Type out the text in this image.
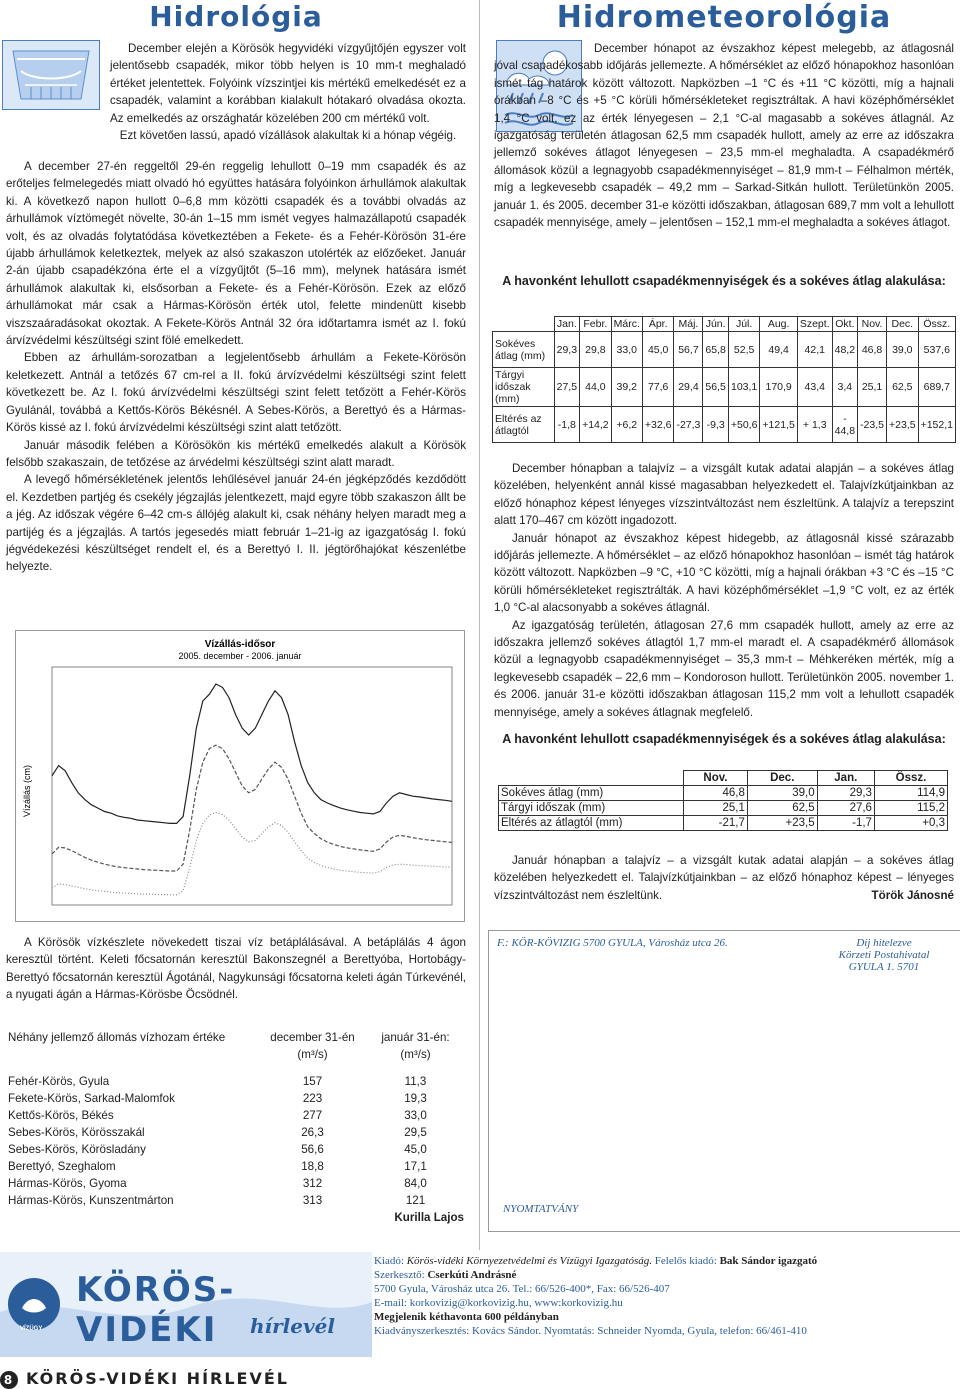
Hidrológia

December elején a Körösök hegyvidéki vízgyűjtőjén egyszer volt jelentősebb csapadék, mikor több helyen is 10 mm-t meghaladó értéket jelentettek. Folyóink vízszintjei kis mértékű emelkedését ez a csapadék, valamint a korábban kialakult hótakaró olvadása okozta. Az emelkedés az országhatár közelében 200 cm mértékű volt.

Ezt követően lassú, apadó vízállások alakultak ki a hónap végéig.

A december 27-én reggeltől 29-én reggelig lehullott 0–19 mm csapadék és az erőteljes felmelegedés miatt olvadó hó együttes hatására folyóinkon árhullámok alakultak ki. A következő napon hullott 0–6,8 mm közötti csapadék és a további olvadás az árhullámok víztömegét növelte, 30-án 1–15 mm ismét vegyes halmazállapotú csapadék volt, és az olvadás folytatódása következtében a Fekete- és a Fehér-Körösön 31-ére újabb árhullámok keletkeztek, melyek az alsó szakaszon utolérték az előzőeket. Január 2-án újabb csapadékzóna érte el a vízgyűjtőt (5–16 mm), melynek hatására ismét árhullámok alakultak ki, elsősorban a Fekete- és a Fehér-Körösön. Ezek az előző árhullámokat már csak a Hármas-Körösön érték utol, felette mindenütt kisebb viszszaáradásokat okoztak. A Fekete-Körös Antnál 32 óra időtartamra ismét az I. fokú árvízvédelmi készültségi szint fölé emelkedett.

Ebben az árhullám-sorozatban a legjelentősebb árhullám a Fekete-Körösön keletkezett. Antnál a tetőzés 67 cm-rel a II. fokú árvízvédelmi készültségi szint felett következett be. Az I. fokú árvízvédelmi készültségi szint felett tetőzött a Fehér-Körös Gyulánál, továbbá a Kettős-Körös Békésnél. A Sebes-Körös, a Berettyó és a Hármas-Körös kissé az I. fokú árvízvédelmi készültségi szint alatt tetőzött.

Január második felében a Körösökön kis mértékű emelkedés alakult a Körösök felsőbb szakaszain, de tetőzése az árvédelmi készültségi szint alatt maradt.

A levegő hőmérsékletének jelentős lehűlésével január 24-én jégképződés kezdődött el. Kezdetben partjég és csekély jégzajlás jelentkezett, majd egyre több szakaszon állt be a jég. Az időszak végére 6–42 cm-s állójég alakult ki, csak néhány helyen maradt meg a partijég és a jégzajlás. A tartós jegesedés miatt február 1–21-ig az igazgatóság I. fokú jégvédekezési készültséget rendelt el, és a Berettyó I. II. jégtörőhajókat készenlétbe helyezte.

Vízállás-idősor
2005. december - 2006. január
Vízállás (cm)

A Körösök vízkészlete növekedett tiszai víz betáplálásával. A betáplálás 4 ágon keresztül történt. Keleti főcsatornán keresztül Bakonszegnél a Berettyóba, Hortobágy-Berettyó főcsatornán keresztül Ágotánál, Nagykunsági főcsatorna keleti ágán Túrkevénél, a nyugati ágán a Hármas-Körösbe Öcsödnél.

Néhány jellemző állomás vízhozam értéke	december 31-én	január 31-én:
	(m³/s)	(m³/s)

Fehér-Körös, Gyula	157	11,3
Fekete-Körös, Sarkad-Malomfok	223	19,3
Kettős-Körös, Békés	277	33,0
Sebes-Körös, Körösszakál	26,3	29,5
Sebes-Körös, Körösladány	56,6	45,0
Berettyó, Szeghalom	18,8	17,1
Hármas-Körös, Gyoma	312	84,0
Hármas-Körös, Kunszentmárton	313	121
		Kurilla Lajos
Hidrometeorológia

December hónapot az évszakhoz képest melegebb, az átlagosnál jóval csapadékosabb időjárás jellemezte. A hőmérséklet az előző hónapokhoz hasonlóan ismét tág határok között változott. Napközben –1 °C és +11 °C közötti, míg a hajnali órákban –8 °C és +5 °C körüli hőmérsékleteket regisztráltak. A havi középhőmérséklet 1,4 °C volt, ez az érték lényegesen – 2,1 °C-al magasabb a sokéves átlagnál. Az igazgatóság területén átlagosan 62,5 mm csapadék hullott, amely az erre az időszakra jellemző sokéves átlagot lényegesen – 23,5 mm-el meghaladta. A csapadékmérő állomások közül a legnagyobb csapadékmennyiséget – 81,9 mm-t – Félhalmon mérték, míg a legkevesebb csapadék – 49,2 mm – Sarkad-Sitkán hullott. Területünkön 2005. január 1. és 2005. december 31-e közötti időszakban, átlagosan 689,7 mm volt a lehullott csapadék mennyisége, amely – jelentősen – 152,1 mm-el meghaladta a sokéves átlagot.

A havonként lehullott csapadékmennyiségek és a sokéves átlag alakulása:
	Jan.	Febr.	Márc.	Ápr.	Máj.	Jún.	Júl.	Aug.	Szept.	Okt.	Nov.	Dec.	Össz.
Sokéves átlag (mm)	29,3	29,8	33,0	45,0	56,7	65,8	52,5	49,4	42,1	48,2	46,8	39,0	537,6
Tárgyi időszak (mm)	27,5	44,0	39,2	77,6	29,4	56,5	103,1	170,9	43,4	3,4	25,1	62,5	689,7
Eltérés az átlagtól	-1,8	+14,2	+6,2	+32,6	-27,3	-9,3	+50,6	+121,5	+ 1,3	- 44,8	-23,5	+23,5	+152,1

December hónapban a talajvíz – a vizsgált kutak adatai alapján – a sokéves átlag közelében, helyenként annál kissé magasabban helyezkedett el. Talajvízkútjainkban az előző hónaphoz képest lényeges vízszintváltozást nem észleltünk. A talajvíz a terepszint alatt 170–467 cm között ingadozott.

Január hónapot az évszakhoz képest hidegebb, az átlagosnál kissé szárazabb időjárás jellemezte. A hőmérséklet – az előző hónapokhoz hasonlóan – ismét tág határok között változott. Napközben –9 °C, +10 °C közötti, míg a hajnali órákban +3 °C és –15 °C körüli hőmérsékleteket regisztrálták. A havi középhőmérséklet –1,9 °C volt, ez az érték 1,0 °C-al alacsonyabb a sokéves átlagnál.

Az igazgatóság területén, átlagosan 27,6 mm csapadék hullott, amely az erre az időszakra jellemző sokéves átlagtól 1,7 mm-el maradt el. A csapadékmérő állomások közül a legnagyobb csapadékmennyiséget – 35,3 mm-t – Méhkeréken mérték, míg a legkevesebb csapadék – 22,6 mm – Kondoroson hullott. Területünkön 2005. november 1. és 2006. január 31-e közötti időszakban átlagosan 115,2 mm volt a lehullott csapadék mennyisége, amely a sokéves átlagnak megfelelő.

A havonként lehullott csapadékmennyiségek és a sokéves átlag alakulása:
	Nov.	Dec.	Jan.	Össz.
Sokéves átlag (mm)	46,8	39,0	29,3	114,9
Tárgyi időszak (mm)	25,1	62,5	27,6	115,2
Eltérés az átlagtól (mm)	-21,7	+23,5	-1,7	+0,3

Január hónapban a talajvíz – a vizsgált kutak adatai alapján – a sokéves átlag közelében helyezkedett el. Talajvízkútjainkban – az előző hónaphoz képest – lényeges vízszintváltozást nem észleltünk.	Török Jánosné
F.: KÖR-KÖVIZIG 5700 GYULA, Városház utca 26.	Díj hitelezve
Körzeti Postahivatal
GYULA 1. 5701
NYOMTATVÁNY
VÍZÜGY
KÖRÖS-VIDÉKI	hírlevél
Kiadó: Körös-vidéki Környezetvédelmi és Vízügyi Igazgatóság. Felelős kiadó: Bak Sándor igazgató
Szerkesztő: Cserkúti Andrásné
5700 Gyula, Városház utca 26. Tel.: 66/526-400*, Fax: 66/526-407
E-mail: korkovizig@korkovizig.hu, www:korkovizig.hu
Megjelenik kéthavonta 600 példányban
Kiadványszerkesztés: Kovács Sándor. Nyomtatás: Schneider Nyomda, Gyula, telefon: 66/461-410
8 KÖRÖS-VIDÉKI HÍRLEVÉL
